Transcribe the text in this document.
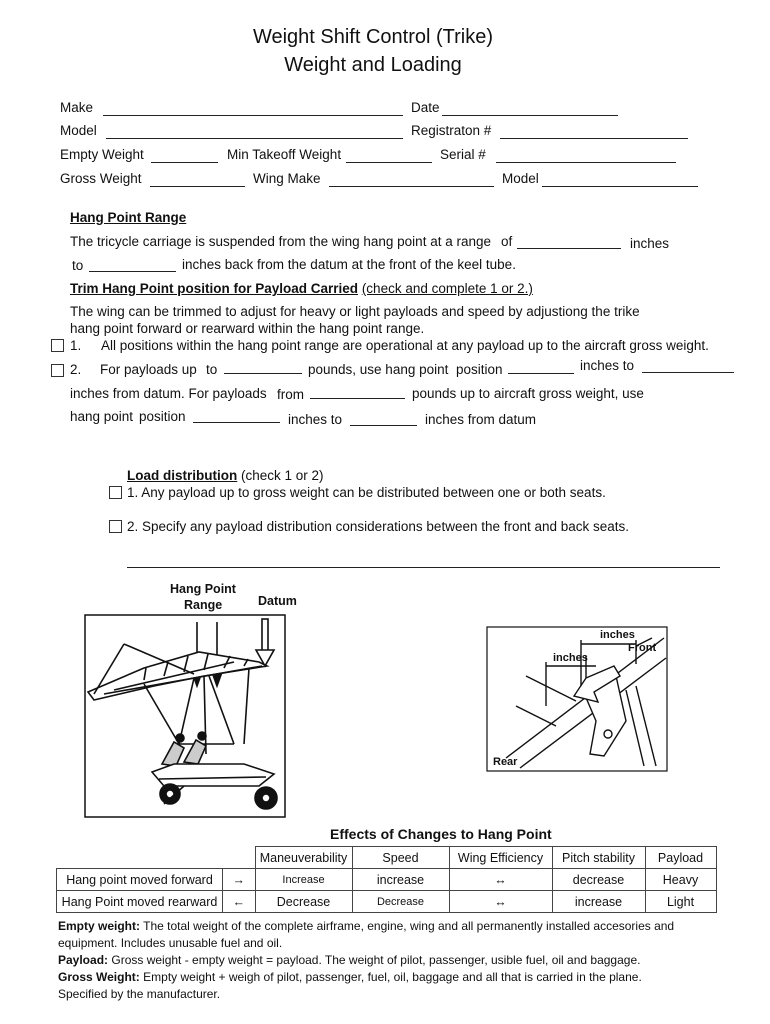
Weight Shift Control (Trike)
Weight and Loading
Make	Date
Model	Registraton #
Empty Weight	Min Takeoff Weight	Serial #
Gross Weight	Wing Make	Model
Hang Point Range
The tricycle carriage is suspended from the wing hang point at a range of	inches
to	inches back from the datum at the front of the keel tube.
Trim Hang Point position for Payload Carried (check and complete 1 or 2.)
The wing can be trimmed to adjust for heavy or light payloads and speed by adjustiong the trike
hang point forward or rearward within the hang point range.
1. All positions within the hang point range are operational at any payload up to the aircraft gross weight.
2. For payloads up to	pounds, use hang point position	inches to
inches from datum. For payloads from	pounds up to aircraft gross weight, use
hang point position	inches to	inches from datum
Load distribution (check 1 or 2)
1. Any payload up to gross weight can be distributed between one or both seats.
2. Specify any payload distribution considerations between the front and back seats.
Hang Point
Range	Datum
inches
Front
inches
Rear
Effects of Changes to Hang Point
		Maneuverability	Speed	Wing Efficiency	Pitch stability	Payload
Hang point moved forward	→	Increase	increase	↔	decrease	Heavy
Hang Point moved rearward	←	Decrease	Decrease	↔	increase	Light
Empty weight: The total weight of the complete airframe, engine, wing and all permanently installed accesories and
equipment. Includes unusable fuel and oil.
Payload: Gross weight - empty weight = payload. The weight of pilot, passenger, usible fuel, oil and baggage.
Gross Weight: Empty weight + weigh of pilot, passenger, fuel, oil, baggage and all that is carried in the plane.
Specified by the manufacturer.
